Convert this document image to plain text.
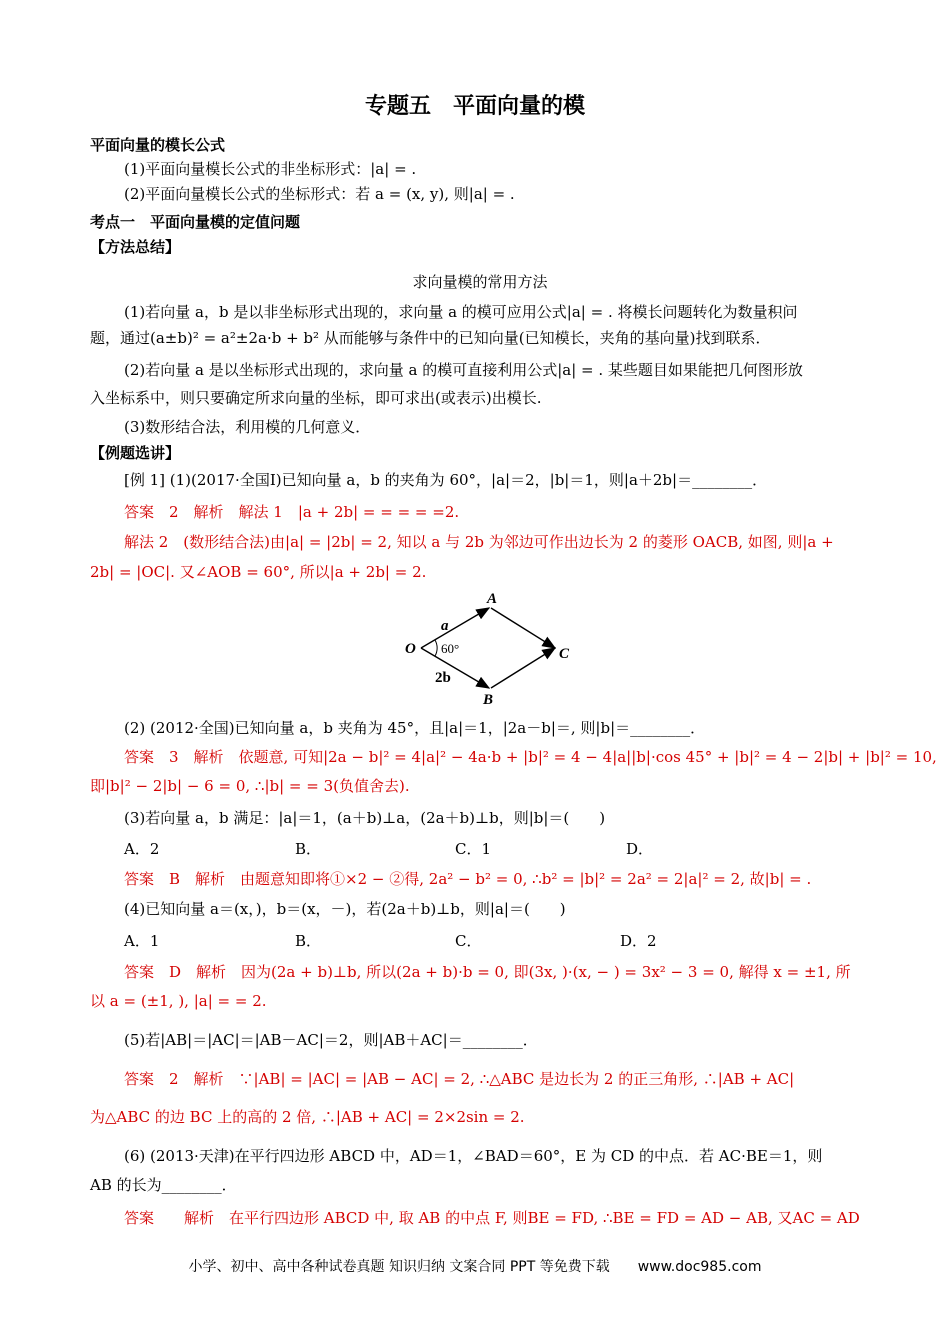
专题五　平面向量的模
平面向量的模长公式
(1)平面向量模长公式的非坐标形式：|a| = .
(2)平面向量模长公式的坐标形式：若 a = (x, y), 则|a| = .
考点一　平面向量模的定值问题
【方法总结】
求向量模的常用方法
(1)若向量 a，b 是以非坐标形式出现的，求向量 a 的模可应用公式|a| = . 将模长问题转化为数量积问
题，通过(a±b)² = a²±2a·b + b² 从而能够与条件中的已知向量(已知模长，夹角的基向量)找到联系．
(2)若向量 a 是以坐标形式出现的，求向量 a 的模可直接利用公式|a| = . 某些题目如果能把几何图形放
入坐标系中，则只要确定所求向量的坐标，即可求出(或表示)出模长.
(3)数形结合法，利用模的几何意义．
【例题选讲】
[例 1] (1)(2017·全国Ⅰ)已知向量 a，b 的夹角为 60°，|a|＝2，|b|＝1，则|a＋2b|＝________．
答案　2　解析　解法 1　|a + 2b| = = = = =2.
解法 2　(数形结合法)由|a| = |2b| = 2, 知以 a 与 2b 为邻边可作出边长为 2 的菱形 OACB, 如图, 则|a +
2b| = |OC|. 又∠AOB = 60°, 所以|a + 2b| = 2.
O
A
B
C
a
60°
2b
(2) (2012·全国)已知向量 a，b 夹角为 45°，且|a|＝1，|2a－b|＝, 则|b|＝________．
答案　3　解析　依题意, 可知|2a − b|² = 4|a|² − 4a·b + |b|² = 4 − 4|a||b|·cos 45° + |b|² = 4 − 2|b| + |b|² = 10,
即|b|² − 2|b| − 6 = 0, ∴|b| = = 3(负值舍去).
(3)若向量 a，b 满足：|a|＝1，(a＋b)⊥a，(2a＋b)⊥b，则|b|＝(　　)
A．2	B．	C．1	D．
答案　B　解析　由题意知即将①×2 − ②得, 2a² − b² = 0, ∴b² = |b|² = 2a² = 2|a|² = 2, 故|b| = .
(4)已知向量 a＝(x，)，b＝(x，－)，若(2a＋b)⊥b，则|a|＝(　　)
A．1	B．	C．	D．2
答案　D　解析　因为(2a + b)⊥b, 所以(2a + b)·b = 0, 即(3x, )·(x, − ) = 3x² − 3 = 0, 解得 x = ±1, 所
以 a = (±1, ), |a| = = 2.
(5)若|AB|＝|AC|＝|AB－AC|＝2，则|AB＋AC|＝________．
答案　2　解析　∵|AB| = |AC| = |AB − AC| = 2, ∴△ABC 是边长为 2 的正三角形, ∴|AB + AC|
为△ABC 的边 BC 上的高的 2 倍, ∴|AB + AC| = 2×2sin = 2.
(6) (2013·天津)在平行四边形 ABCD 中，AD＝1，∠BAD＝60°，E 为 CD 的中点．若 AC·BE＝1，则
AB 的长为________．
答案　　解析　在平行四边形 ABCD 中, 取 AB 的中点 F, 则BE = FD, ∴BE = FD = AD − AB, 又AC = AD
小学、初中、高中各种试卷真题 知识归纳 文案合同 PPT 等免费下载　　www.doc985.com
